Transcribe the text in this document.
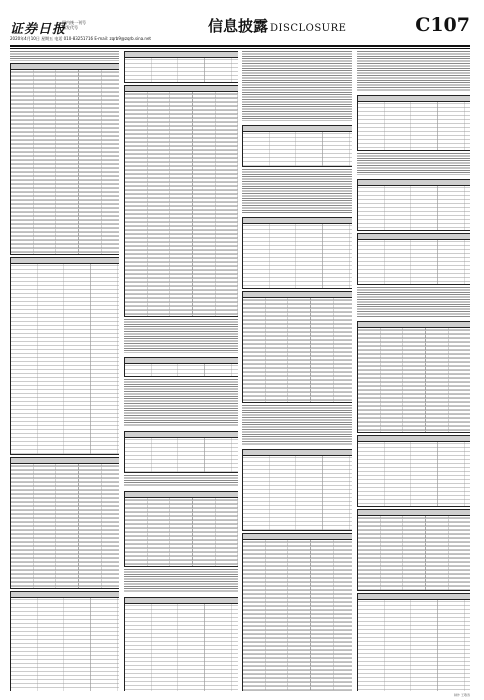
证券日报
国内统一刊号
邮发代号
2020年4月10日 星期五 电话 010-83251716 E-mail: zqrb9@zqrb.sina.net
信息披露 DISCLOSURE	C107
制作 王敬涛
